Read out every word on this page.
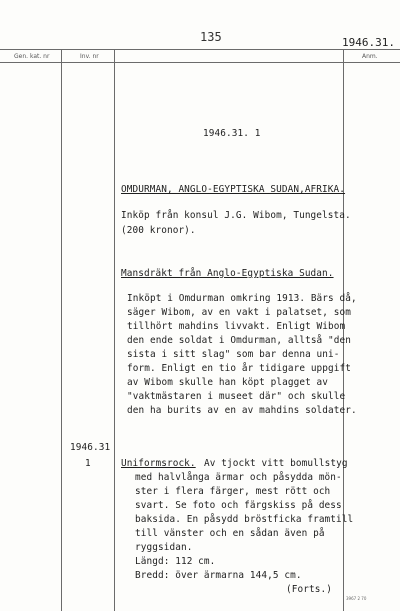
135	1946.31.
Gen. kat. nr	Inv. nr	Anm.
1946.31. 1
OMDURMAN, ANGLO-EGYPTISKA SUDAN,AFRIKA.
Inköp från konsul J.G. Wibom, Tungelsta.
(200 kronor).
Mansdräkt från Anglo-Egyptiska Sudan.
Inköpt i Omdurman omkring 1913. Bärs då,
säger Wibom, av en vakt i palatset, som
tillhört mahdins livvakt. Enligt Wibom
den ende soldat i Omdurman, alltså "den
sista i sitt slag" som bar denna uni-
form. Enligt en tio år tidigare uppgift
av Wibom skulle han köpt plagget av
"vaktmästaren i museet där" och skulle
den ha burits av en av mahdins soldater.
1946.31
1	Uniformsrock. Av tjockt vitt bomullstyg
med halvlånga ärmar och påsydda mön-
ster i flera färger, mest rött och
svart. Se foto och färgskiss på dess
baksida. En påsydd bröstficka framtill
till vänster och en sådan även på
ryggsidan.
Längd: 112 cm.
Bredd: över ärmarna 144,5 cm.
(Forts.)
3967 2 70
